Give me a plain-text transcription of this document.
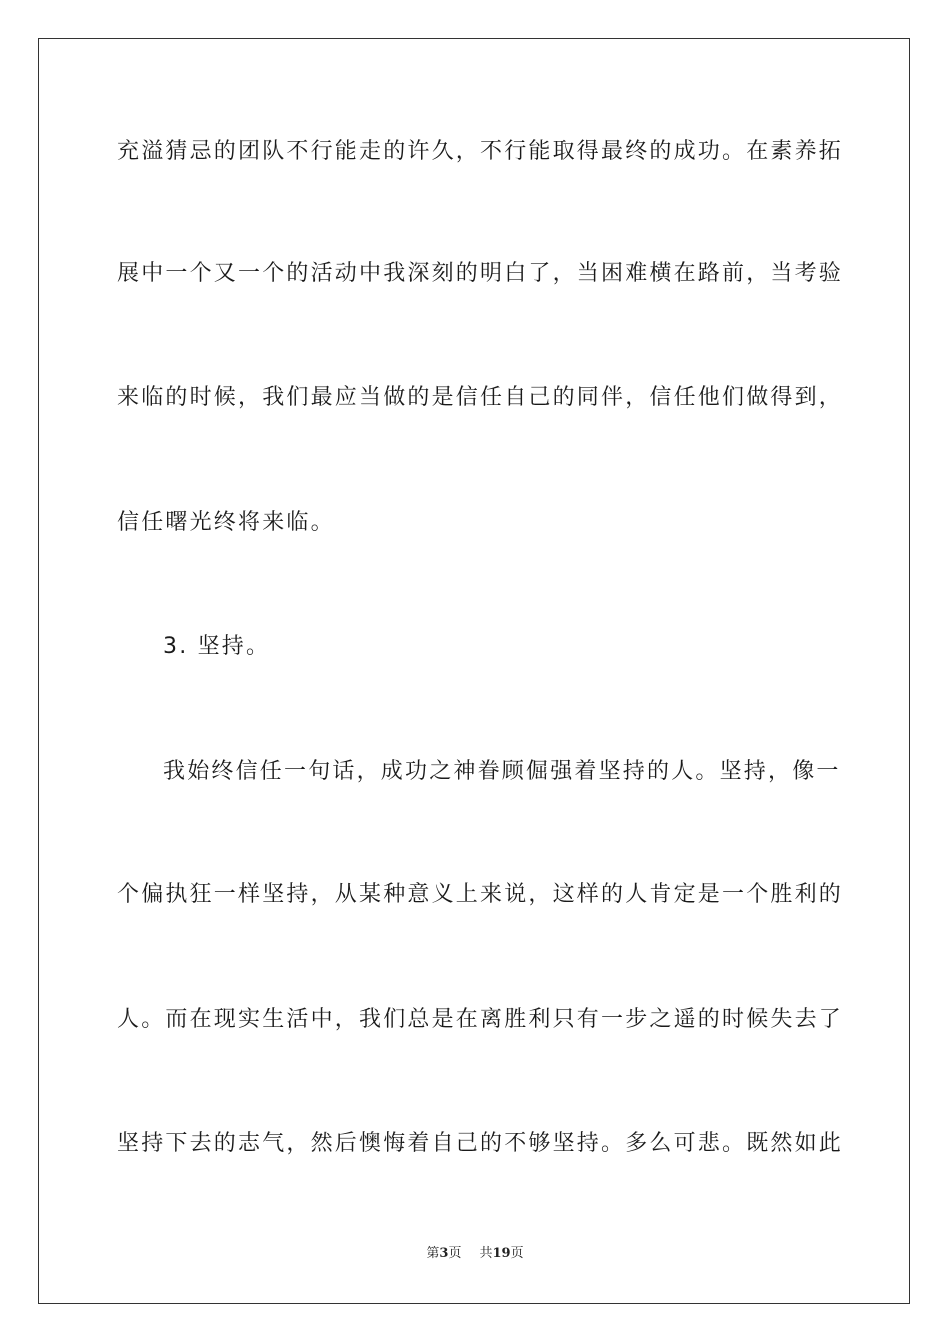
充溢猜忌的团队不行能走的许久，不行能取得最终的成功。在素养拓
展中一个又一个的活动中我深刻的明白了，当困难横在路前，当考验
来临的时候，我们最应当做的是信任自己的同伴，信任他们做得到，
信任曙光终将来临。
3. 坚持。
我始终信任一句话，成功之神眷顾倔强着坚持的人。坚持，像一
个偏执狂一样坚持，从某种意义上来说，这样的人肯定是一个胜利的
人。而在现实生活中，我们总是在离胜利只有一步之遥的时候失去了
坚持下去的志气，然后懊悔着自己的不够坚持。多么可悲。既然如此
第3页 共19页
